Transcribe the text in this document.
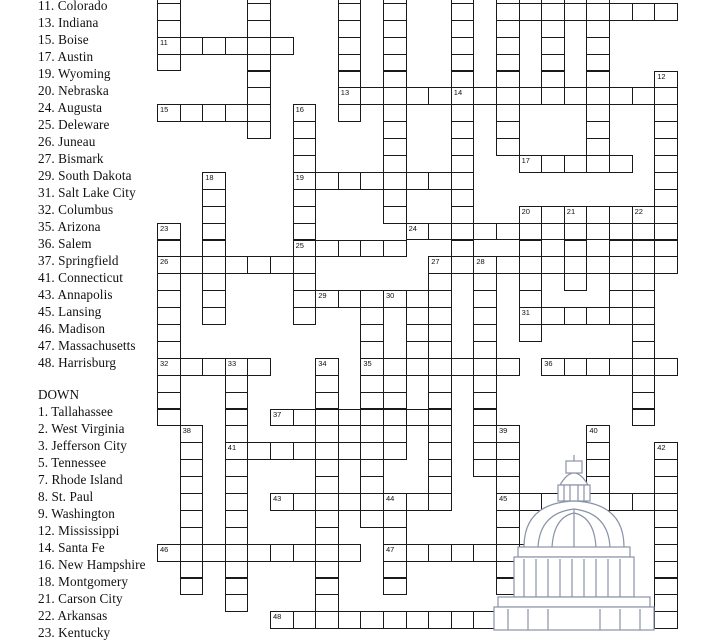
11. Colorado
13. Indiana
15. Boise
17. Austin
19. Wyoming
20. Nebraska
24. Augusta
25. Deleware
26. Juneau
27. Bismark
29. South Dakota
31. Salt Lake City
32. Columbus
35. Arizona
36. Salem
37. Springfield
41. Connecticut
43. Annapolis
45. Lansing
46. Madison
47. Massachusetts
48. Harrisburg
DOWN
1. Tallahassee
2. West Virginia
3. Jefferson City
5. Tennessee
7. Rhode Island
8. St. Paul
9. Washington
12. Mississippi
14. Santa Fe
16. New Hampshire
18. Montgomery
21. Carson City
22. Arkansas
23. Kentucky
11
13	14
15
17
19
20	21	22
24
25
26	27	28
29	30
31
32	33	35	36
37
41
43	44	45
46	47
48
12
16
18
23
34
38	39	40
42
